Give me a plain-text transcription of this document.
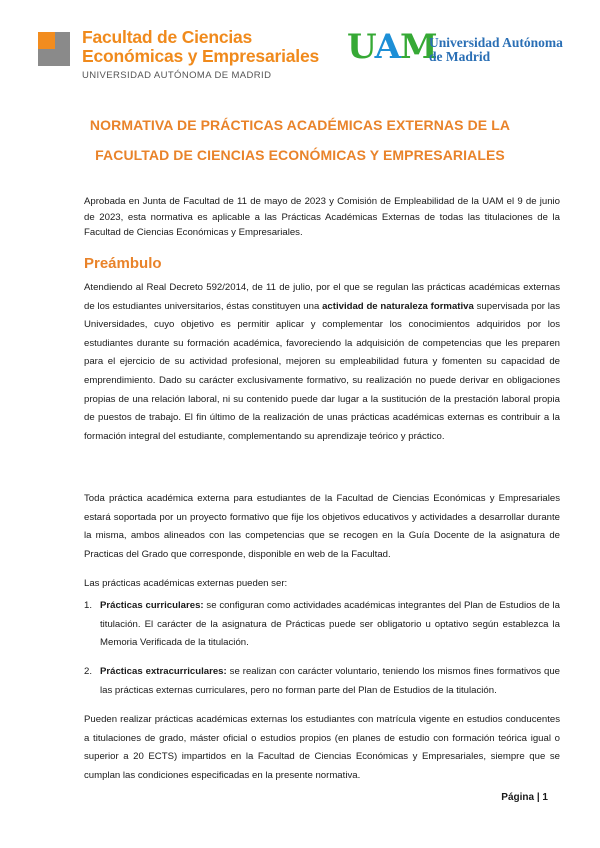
Facultad de Ciencias
Económicas y Empresariales
UNIVERSIDAD AUTÓNOMA DE MADRID
UAM
Universidad Autónoma
de Madrid
NORMATIVA DE PRÁCTICAS ACADÉMICAS EXTERNAS DE LA
FACULTAD DE CIENCIAS ECONÓMICAS Y EMPRESARIALES
Aprobada en Junta de Facultad de 11 de mayo de 2023 y Comisión de Empleabilidad de la UAM el 9 de junio de 2023, esta normativa es aplicable a las Prácticas Académicas Externas de todas las titulaciones de la Facultad de Ciencias Económicas y Empresariales.
Preámbulo
Atendiendo al Real Decreto 592/2014, de 11 de julio, por el que se regulan las prácticas académicas externas de los estudiantes universitarios, éstas constituyen una actividad de naturaleza formativa supervisada por las Universidades, cuyo objetivo es permitir aplicar y complementar los conocimientos adquiridos por los estudiantes durante su formación académica, favoreciendo la adquisición de competencias que les preparen para el ejercicio de su actividad profesional, mejoren su empleabilidad futura y fomenten su capacidad de emprendimiento. Dado su carácter exclusivamente formativo, su realización no puede derivar en obligaciones propias de una relación laboral, ni su contenido puede dar lugar a la sustitución de la prestación laboral propia de puestos de trabajo. El fin último de la realización de unas prácticas académicas externas es contribuir a la formación integral del estudiante, complementando su aprendizaje teórico y práctico.
Toda práctica académica externa para estudiantes de la Facultad de Ciencias Económicas y Empresariales estará soportada por un proyecto formativo que fije los objetivos educativos y actividades a desarrollar durante la misma, ambos alineados con las competencias que se recogen en la Guía Docente de la asignatura de Practicas del Grado que corresponde, disponible en web de la Facultad.
Las prácticas académicas externas pueden ser:
1. Prácticas curriculares: se configuran como actividades académicas integrantes del Plan de Estudios de la titulación. El carácter de la asignatura de Prácticas puede ser obligatorio u optativo según establezca la Memoria Verificada de la titulación.
2. Prácticas extracurriculares: se realizan con carácter voluntario, teniendo los mismos fines formativos que las prácticas externas curriculares, pero no forman parte del Plan de Estudios de la titulación.
Pueden realizar prácticas académicas externas los estudiantes con matrícula vigente en estudios conducentes a titulaciones de grado, máster oficial o estudios propios (en planes de estudio con formación teórica igual o superior a 20 ECTS) impartidos en la Facultad de Ciencias Económicas y Empresariales, siempre que se cumplan las condiciones especificadas en la presente normativa.
Página | 1
